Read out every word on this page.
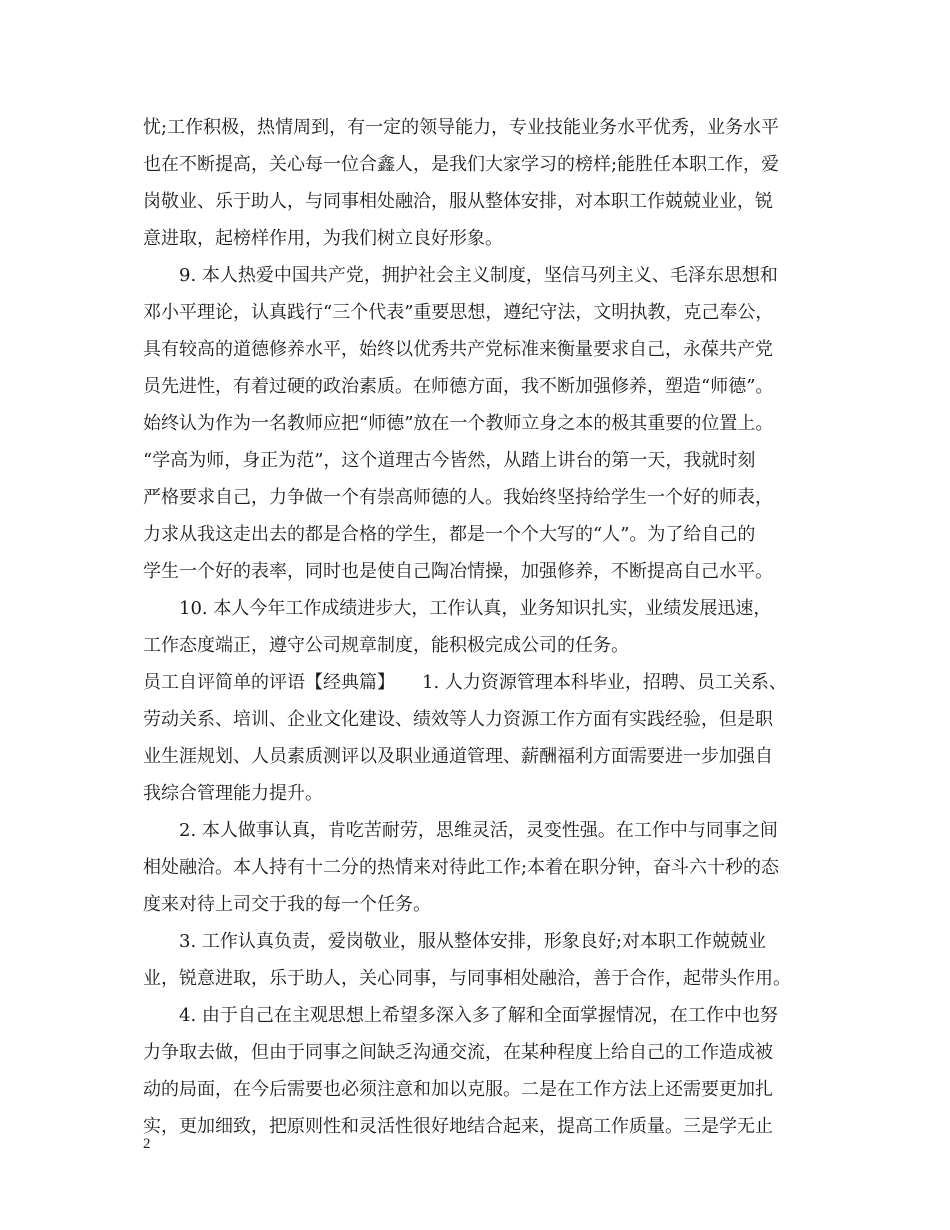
忧;工作积极，热情周到，有一定的领导能力，专业技能业务水平优秀，业务水平
也在不断提高，关心每一位合鑫人，是我们大家学习的榜样;能胜任本职工作，爱
岗敬业、乐于助人，与同事相处融洽，服从整体安排，对本职工作兢兢业业，锐
意进取，起榜样作用，为我们树立良好形象。
9. 本人热爱中国共产党，拥护社会主义制度，坚信马列主义、毛泽东思想和
邓小平理论，认真践行“三个代表”重要思想，遵纪守法，文明执教，克己奉公，
具有较高的道德修养水平，始终以优秀共产党标准来衡量要求自己，永葆共产党
员先进性，有着过硬的政治素质。在师德方面，我不断加强修养，塑造“师德”。
始终认为作为一名教师应把“师德”放在一个教师立身之本的极其重要的位置上。
“学高为师，身正为范”，这个道理古今皆然，从踏上讲台的第一天，我就时刻
严格要求自己，力争做一个有崇高师德的人。我始终坚持给学生一个好的师表，
力求从我这走出去的都是合格的学生，都是一个个大写的“人”。为了给自己的
学生一个好的表率，同时也是使自己陶冶情操，加强修养，不断提高自己水平。
10. 本人今年工作成绩进步大，工作认真，业务知识扎实，业绩发展迅速，
工作态度端正，遵守公司规章制度，能积极完成公司的任务。
员工自评简单的评语【经典篇】　　1. 人力资源管理本科毕业，招聘、员工关系、
劳动关系、培训、企业文化建设、绩效等人力资源工作方面有实践经验，但是职
业生涯规划、人员素质测评以及职业通道管理、薪酬福利方面需要进一步加强自
我综合管理能力提升。
2. 本人做事认真，肯吃苦耐劳，思维灵活，灵变性强。在工作中与同事之间
相处融洽。本人持有十二分的热情来对待此工作;本着在职分钟，奋斗六十秒的态
度来对待上司交于我的每一个任务。
3. 工作认真负责，爱岗敬业，服从整体安排，形象良好;对本职工作兢兢业
业，锐意进取，乐于助人，关心同事，与同事相处融洽，善于合作，起带头作用。
4. 由于自己在主观思想上希望多深入多了解和全面掌握情况，在工作中也努
力争取去做，但由于同事之间缺乏沟通交流，在某种程度上给自己的工作造成被
动的局面，在今后需要也必须注意和加以克服。二是在工作方法上还需要更加扎
实，更加细致，把原则性和灵活性很好地结合起来，提高工作质量。三是学无止
2
